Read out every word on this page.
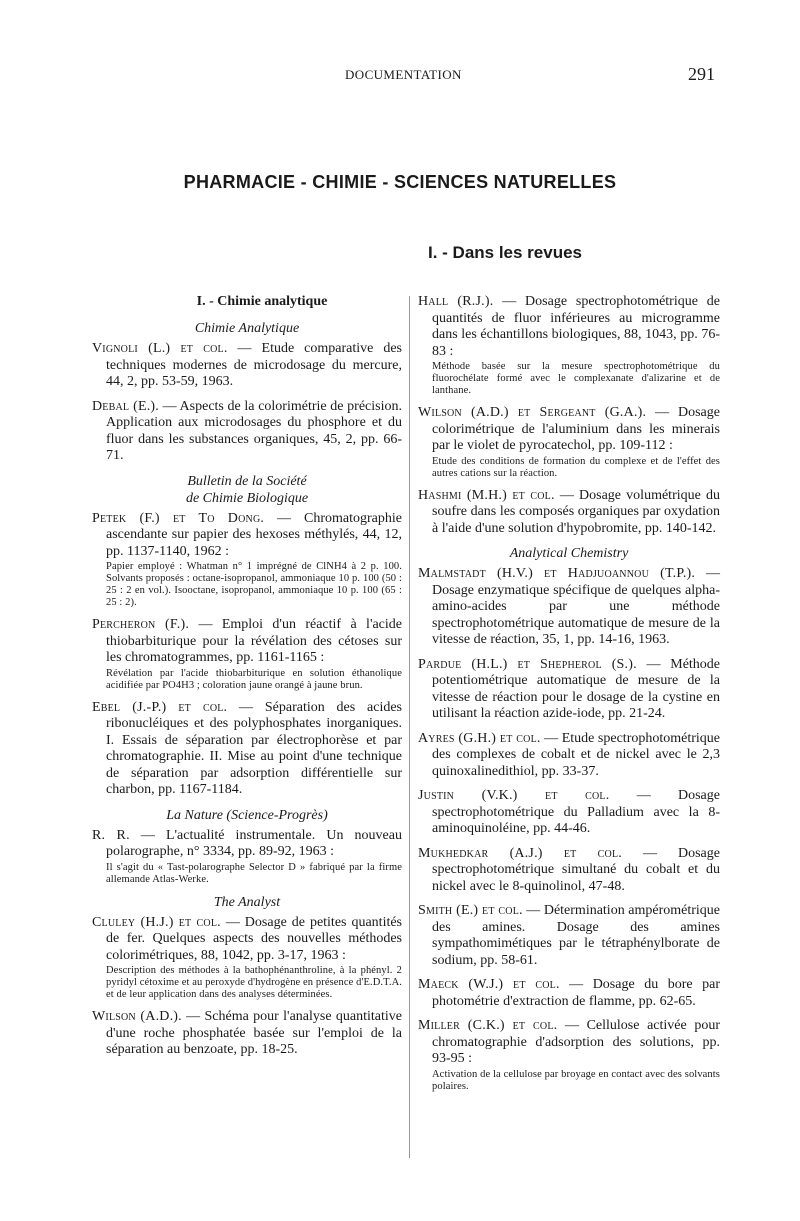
DOCUMENTATION	291
PHARMACIE - CHIMIE - SCIENCES NATURELLES
I. - Dans les revues
I. - Chimie analytique
Chimie Analytique

Vignoli (L.) et col. — Etude comparative des techniques modernes de microdosage du mercure, 44, 2, pp. 53-59, 1963.

Debal (E.). — Aspects de la colorimétrie de précision. Application aux microdosages du phosphore et du fluor dans les substances organiques, 45, 2, pp. 66-71.

Bulletin de la Société
de Chimie Biologique
Petek (F.) et To Dong. — Chromatographie ascendante sur papier des hexoses méthylés, 44, 12, pp. 1137-1140, 1962 :
Papier employé : Whatman n° 1 imprégné de ClNH4 à 2 p. 100. Solvants proposés : octane-isopropanol, ammoniaque 10 p. 100 (50 : 25 : 2 en vol.). Isooctane, isopropanol, ammoniaque 10 p. 100 (65 : 25 : 2).
Percheron (F.). — Emploi d'un réactif à l'acide thiobarbiturique pour la révélation des cétoses sur les chromatogrammes, pp. 1161-1165 :
Révélation par l'acide thiobarbiturique en solution éthanolique acidifiée par PO4H3 ; coloration jaune orangé à jaune brun.

Ebel (J.-P.) et col. — Séparation des acides ribonucléiques et des polyphosphates inorganiques. I. Essais de séparation par électrophorèse et par chromatographie. II. Mise au point d'une technique de séparation par adsorption différentielle sur charbon, pp. 1167-1184.

La Nature (Science-Progrès)
R. R. — L'actualité instrumentale. Un nouveau polarographe, n° 3334, pp. 89-92, 1963 :
Il s'agit du « Tast-polarographe Selector D » fabriqué par la firme allemande Atlas-Werke.
The Analyst
Cluley (H.J.) et col. — Dosage de petites quantités de fer. Quelques aspects des nouvelles méthodes colorimétriques, 88, 1042, pp. 3-17, 1963 :
Description des méthodes à la bathophénanthroline, à la phényl. 2 pyridyl cétoxime et au peroxyde d'hydrogène en présence d'E.D.T.A. et de leur application dans des analyses déterminées.

Wilson (A.D.). — Schéma pour l'analyse quantitative d'une roche phosphatée basée sur l'emploi de la séparation au benzoate, pp. 18-25.

Hall (R.J.). — Dosage spectrophotométrique de quantités de fluor inférieures au microgramme dans les échantillons biologiques, 88, 1043, pp. 76-83 :
Méthode basée sur la mesure spectrophotométrique du fluorochélate formé avec le complexanate d'alizarine et de lanthane.
Wilson (A.D.) et Sergeant (G.A.). — Dosage colorimétrique de l'aluminium dans les minerais par le violet de pyrocatechol, pp. 109-112 :
Etude des conditions de formation du complexe et de l'effet des autres cations sur la réaction.

Hashmi (M.H.) et col. — Dosage volumétrique du soufre dans les composés organiques par oxydation à l'aide d'une solution d'hypobromite, pp. 140-142.

Analytical Chemistry

Malmstadt (H.V.) et Hadjuoannou (T.P.). — Dosage enzymatique spécifique de quelques alpha-amino-acides par une méthode spectrophotométrique automatique de mesure de la vitesse de réaction, 35, 1, pp. 14-16, 1963.

Pardue (H.L.) et Shepherol (S.). — Méthode potentiométrique automatique de mesure de la vitesse de réaction pour le dosage de la cystine en utilisant la réaction azide-iode, pp. 21-24.

Ayres (G.H.) et col. — Etude spectrophotométrique des complexes de cobalt et de nickel avec le 2,3 quinoxalinedithiol, pp. 33-37.

Justin (V.K.) et col. — Dosage spectrophotométrique du Palladium avec la 8-aminoquinoléine, pp. 44-46.

Mukhedkar (A.J.) et col. — Dosage spectrophotométrique simultané du cobalt et du nickel avec le 8-quinolinol, 47-48.

Smith (E.) et col. — Détermination ampérométrique des amines. Dosage des amines sympathomimétiques par le tétraphénylborate de sodium, pp. 58-61.

Maeck (W.J.) et col. — Dosage du bore par photométrie d'extraction de flamme, pp. 62-65.

Miller (C.K.) et col. — Cellulose activée pour chromatographie d'adsorption des solutions, pp. 93-95 :
Activation de la cellulose par broyage en contact avec des solvants polaires.
